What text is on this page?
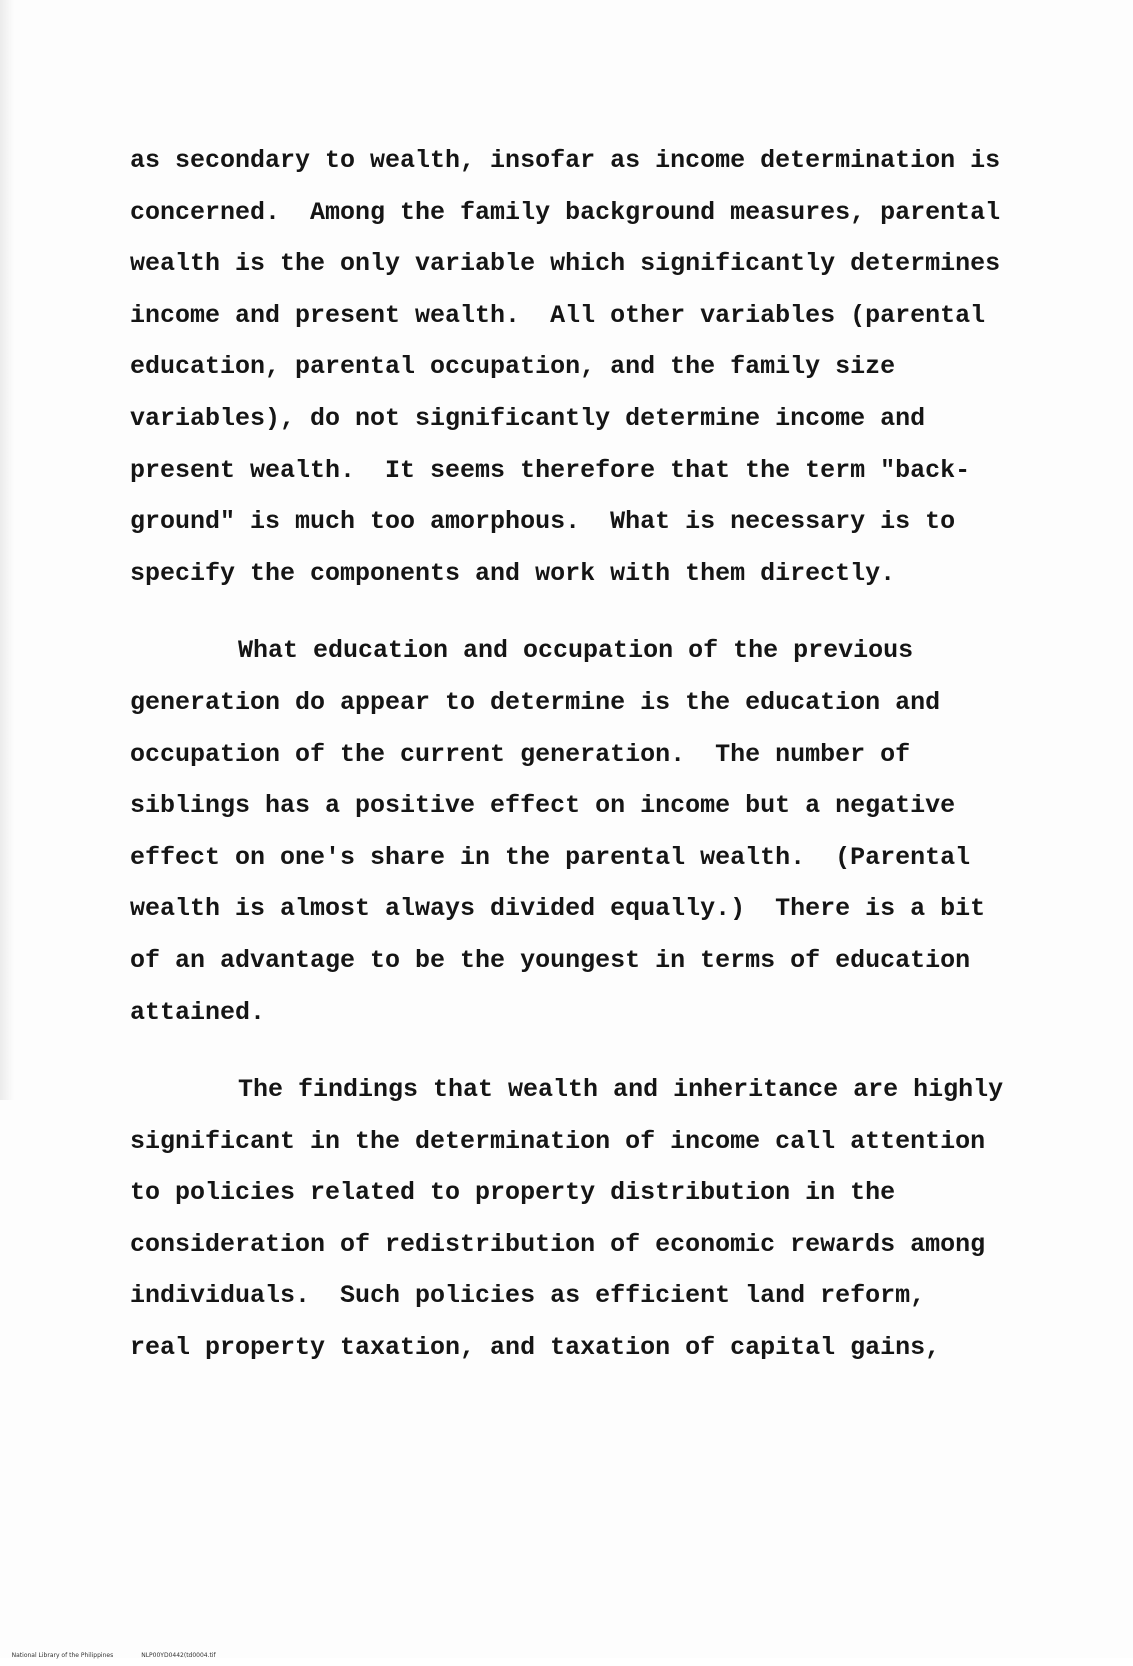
as secondary to wealth, insofar as income determination is
concerned.  Among the family background measures, parental
wealth is the only variable which significantly determines
income and present wealth.  All other variables (parental
education, parental occupation, and the family size
variables), do not significantly determine income and
present wealth.  It seems therefore that the term "back-
ground" is much too amorphous.  What is necessary is to
specify the components and work with them directly.
What education and occupation of the previous
generation do appear to determine is the education and
occupation of the current generation.  The number of
siblings has a positive effect on income but a negative
effect on one's share in the parental wealth.  (Parental
wealth is almost always divided equally.)  There is a bit
of an advantage to be the youngest in terms of education
attained.
The findings that wealth and inheritance are highly
significant in the determination of income call attention
to policies related to property distribution in the
consideration of redistribution of economic rewards among
individuals.  Such policies as efficient land reform,
real property taxation, and taxation of capital gains,

National Library of the Philippines	NLP00YD0442(td0004.tif
